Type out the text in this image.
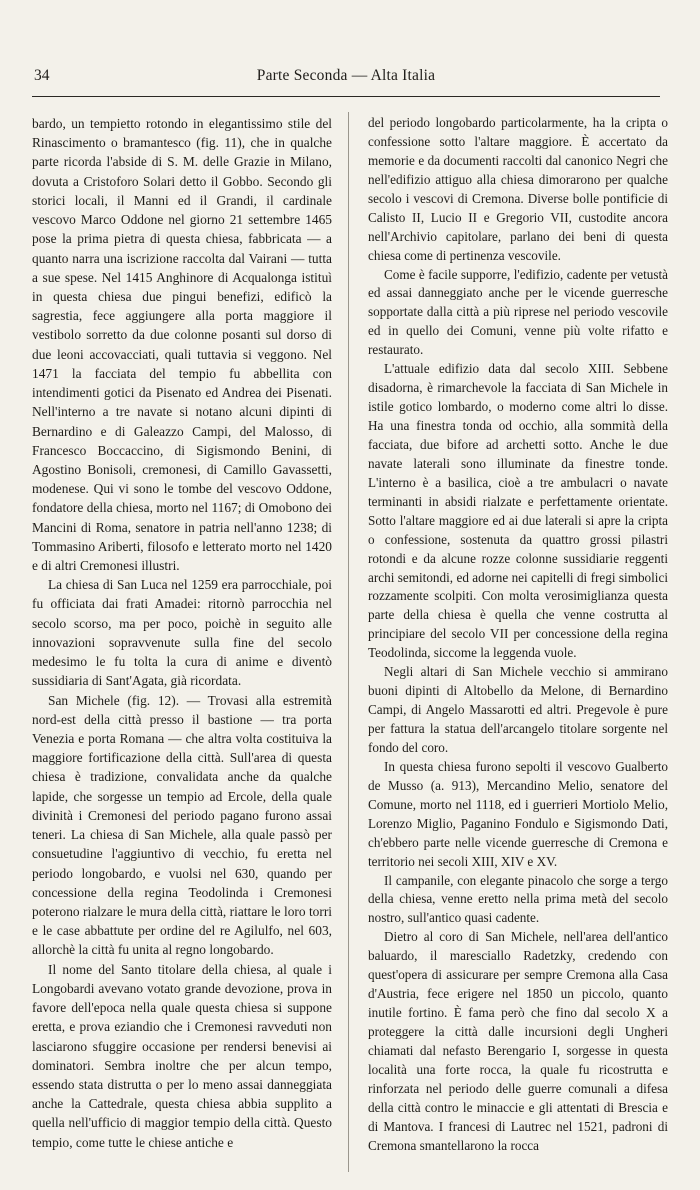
34	Parte Seconda — Alta Italia

bardo, un tempietto rotondo in elegantissimo stile del Rinascimento o bramantesco (fig. 11), che in qualche parte ricorda l'abside di S. M. delle Grazie in Milano, dovuta a Cristoforo Solari detto il Gobbo. Secondo gli storici locali, il Manni ed il Grandi, il cardinale vescovo Marco Oddone nel giorno 21 settembre 1465 pose la prima pietra di questa chiesa, fabbricata — a quanto narra una iscrizione raccolta dal Vairani — tutta a sue spese. Nel 1415 Anghinore di Acqualonga istituì in questa chiesa due pingui benefizi, edificò la sagrestia, fece aggiungere alla porta maggiore il vestibolo sorretto da due colonne posanti sul dorso di due leoni accovacciati, quali tuttavia si veggono. Nel 1471 la facciata del tempio fu abbellita con intendimenti gotici da Pisenato ed Andrea dei Pisenati. Nell'interno a tre navate si notano alcuni dipinti di Bernardino e di Galeazzo Campi, del Malosso, di Francesco Boccaccino, di Sigismondo Benini, di Agostino Bonisoli, cremonesi, di Camillo Gavassetti, modenese. Qui vi sono le tombe del vescovo Oddone, fondatore della chiesa, morto nel 1167; di Omobono dei Mancini di Roma, senatore in patria nell'anno 1238; di Tommasino Ariberti, filosofo e letterato morto nel 1420 e di altri Cremonesi illustri.

La chiesa di San Luca nel 1259 era parrocchiale, poi fu officiata dai frati Amadei: ritornò parrocchia nel secolo scorso, ma per poco, poichè in seguito alle innovazioni sopravvenute sulla fine del secolo medesimo le fu tolta la cura di anime e diventò sussidiaria di Sant'Agata, già ricordata.

San Michele (fig. 12). — Trovasi alla estremità nord-est della città presso il bastione — tra porta Venezia e porta Romana — che altra volta costituiva la maggiore fortificazione della città. Sull'area di questa chiesa è tradizione, convalidata anche da qualche lapide, che sorgesse un tempio ad Ercole, della quale divinità i Cremonesi del periodo pagano furono assai teneri. La chiesa di San Michele, alla quale passò per consuetudine l'aggiuntivo di vecchio, fu eretta nel periodo longobardo, e vuolsi nel 630, quando per concessione della regina Teodolinda i Cremonesi poterono rialzare le mura della città, riattare le loro torri e le case abbattute per ordine del re Agilulfo, nel 603, allorchè la città fu unita al regno longobardo.

Il nome del Santo titolare della chiesa, al quale i Longobardi avevano votato grande devozione, prova in favore dell'epoca nella quale questa chiesa si suppone eretta, e prova eziandio che i Cremonesi ravveduti non lasciarono sfuggire occasione per rendersi benevisi ai dominatori. Sembra inoltre che per alcun tempo, essendo stata distrutta o per lo meno assai danneggiata anche la Cattedrale, questa chiesa abbia supplito a quella nell'ufficio di maggior tempio della città. Questo tempio, come tutte le chiese antiche e

del periodo longobardo particolarmente, ha la cripta o confessione sotto l'altare maggiore. È accertato da memorie e da documenti raccolti dal canonico Negri che nell'edifizio attiguo alla chiesa dimorarono per qualche secolo i vescovi di Cremona. Diverse bolle pontificie di Calisto II, Lucio II e Gregorio VII, custodite ancora nell'Archivio capitolare, parlano dei beni di questa chiesa come di pertinenza vescovile.

Come è facile supporre, l'edifizio, cadente per vetustà ed assai danneggiato anche per le vicende guerresche sopportate dalla città a più riprese nel periodo vescovile ed in quello dei Comuni, venne più volte rifatto e restaurato.

L'attuale edifizio data dal secolo XIII. Sebbene disadorna, è rimarchevole la facciata di San Michele in istile gotico lombardo, o moderno come altri lo disse. Ha una finestra tonda od occhio, alla sommità della facciata, due bifore ad archetti sotto. Anche le due navate laterali sono illuminate da finestre tonde. L'interno è a basilica, cioè a tre ambulacri o navate terminanti in absidi rialzate e perfettamente orientate. Sotto l'altare maggiore ed ai due laterali si apre la cripta o confessione, sostenuta da quattro grossi pilastri rotondi e da alcune rozze colonne sussidiarie reggenti archi semitondi, ed adorne nei capitelli di fregi simbolici rozzamente scolpiti. Con molta verosimiglianza questa parte della chiesa è quella che venne costrutta al principiare del secolo VII per concessione della regina Teodolinda, siccome la leggenda vuole.

Negli altari di San Michele vecchio si ammirano buoni dipinti di Altobello da Melone, di Bernardino Campi, di Angelo Massarotti ed altri. Pregevole è pure per fattura la statua dell'arcangelo titolare sorgente nel fondo del coro.

In questa chiesa furono sepolti il vescovo Gualberto de Musso (a. 913), Mercandino Melio, senatore del Comune, morto nel 1118, ed i guerrieri Mortiolo Melio, Lorenzo Miglio, Paganino Fondulo e Sigismondo Dati, ch'ebbero parte nelle vicende guerresche di Cremona e territorio nei secoli XIII, XIV e XV.

Il campanile, con elegante pinacolo che sorge a tergo della chiesa, venne eretto nella prima metà del secolo nostro, sull'antico quasi cadente.

Dietro al coro di San Michele, nell'area dell'antico baluardo, il maresciallo Radetzky, credendo con quest'opera di assicurare per sempre Cremona alla Casa d'Austria, fece erigere nel 1850 un piccolo, quanto inutile fortino. È fama però che fino dal secolo X a proteggere la città dalle incursioni degli Ungheri chiamati dal nefasto Berengario I, sorgesse in questa località una forte rocca, la quale fu ricostrutta e rinforzata nel periodo delle guerre comunali a difesa della città contro le minaccie e gli attentati di Brescia e di Mantova. I francesi di Lautrec nel 1521, padroni di Cremona smantellarono la rocca
